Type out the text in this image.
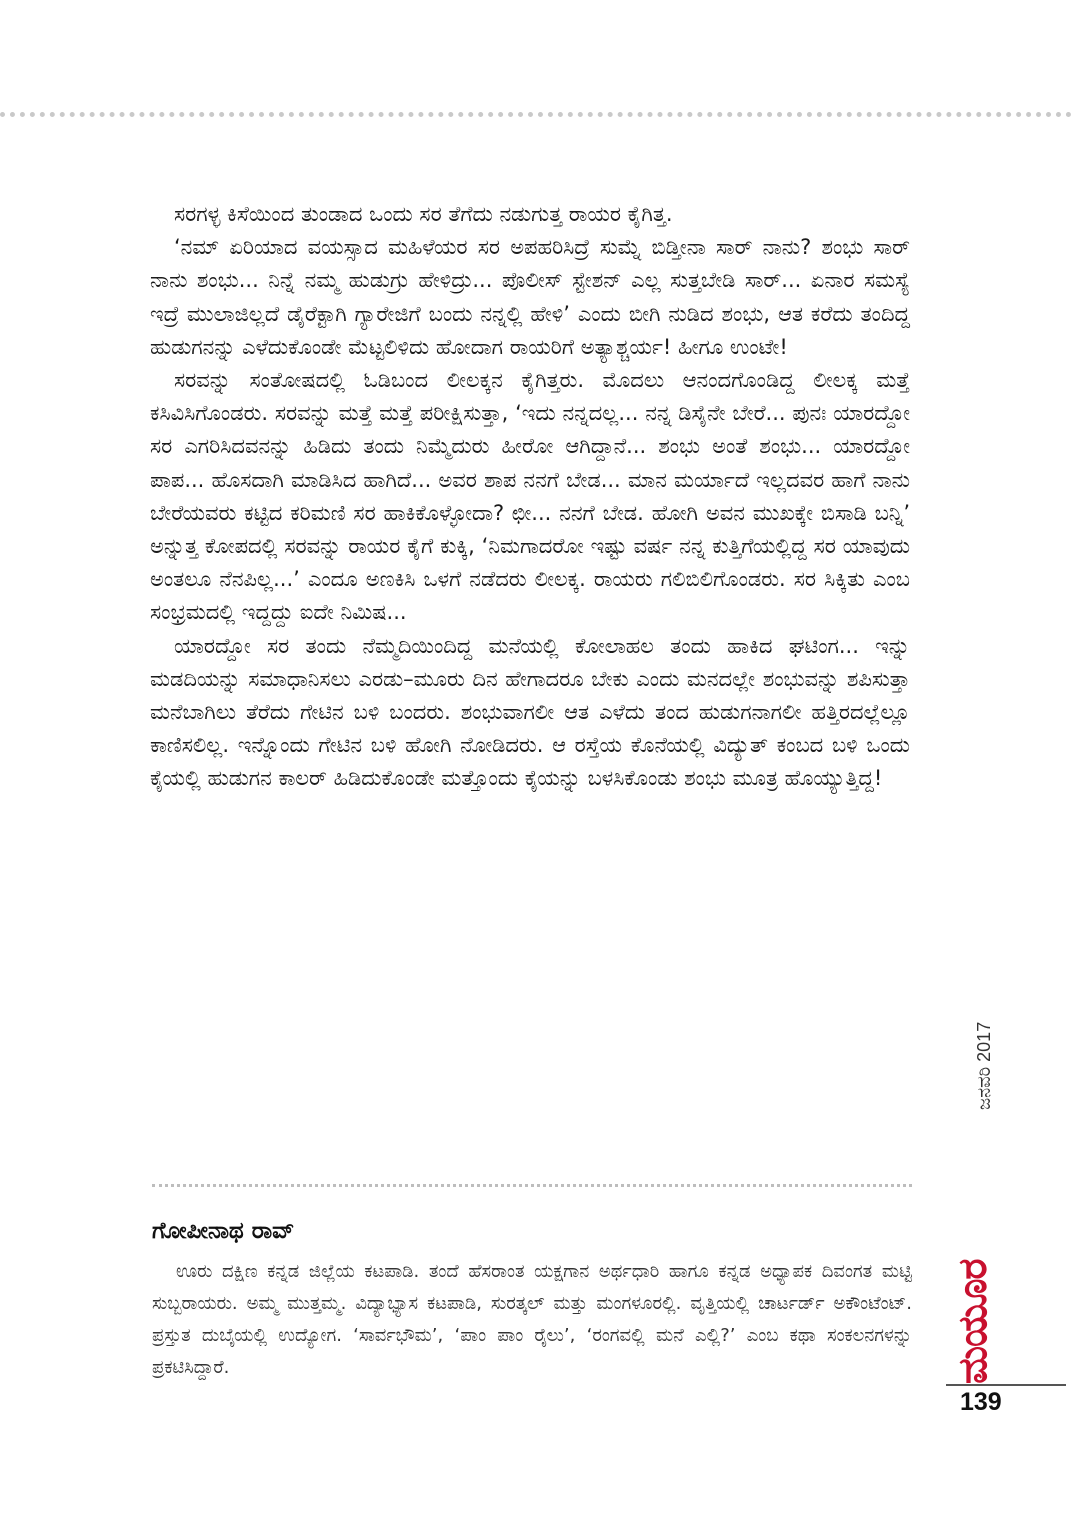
ಸರಗಳ್ಳ ಕಿಸೆಯಿಂದ ತುಂಡಾದ ಒಂದು ಸರ ತೆಗೆದು ನಡುಗುತ್ತ ರಾಯರ ಕೈಗಿತ್ತ.

‘ನಮ್ ಏರಿಯಾದ ವಯಸ್ಸಾದ ಮಹಿಳೆಯರ ಸರ ಅಪಹರಿಸಿದ್ರೆ ಸುಮ್ನೆ ಬಿಡ್ತೀನಾ ಸಾರ್ ನಾನು? ಶಂಭು ಸಾರ್ ನಾನು ಶಂಭು... ನಿನ್ನೆ ನಮ್ಮ ಹುಡುಗ್ರು ಹೇಳಿದ್ರು... ಪೊಲೀಸ್ ಸ್ಟೇಶನ್ ಎಲ್ಲ ಸುತ್ತಬೇಡಿ ಸಾರ್... ಏನಾರ ಸಮಸ್ಯೆ ಇದ್ರೆ ಮುಲಾಜಿಲ್ಲದೆ ಡೈರೆಕ್ಟಾಗಿ ಗ್ಯಾರೇಜಿಗೆ ಬಂದು ನನ್ನಲ್ಲಿ ಹೇಳಿ’ ಎಂದು ಬೀಗಿ ನುಡಿದ ಶಂಭು, ಆತ ಕರೆದು ತಂದಿದ್ದ ಹುಡುಗನನ್ನು ಎಳೆದುಕೊಂಡೇ ಮೆಟ್ಟಲಿಳಿದು ಹೋದಾಗ ರಾಯರಿಗೆ ಅತ್ಯಾಶ್ಚರ್ಯ! ಹೀಗೂ ಉಂಟೇ!

ಸರವನ್ನು ಸಂತೋಷದಲ್ಲಿ ಓಡಿಬಂದ ಲೀಲಕ್ಕನ ಕೈಗಿತ್ತರು. ಮೊದಲು ಆನಂದಗೊಂಡಿದ್ದ ಲೀಲಕ್ಕ ಮತ್ತೆ ಕಸಿವಿಸಿಗೊಂಡರು. ಸರವನ್ನು ಮತ್ತೆ ಮತ್ತೆ ಪರೀಕ್ಷಿಸುತ್ತಾ, ‘ಇದು ನನ್ನದಲ್ಲ... ನನ್ನ ಡಿಸೈನೇ ಬೇರೆ... ಪುನಃ ಯಾರದ್ದೋ ಸರ ಎಗರಿಸಿದವನನ್ನು ಹಿಡಿದು ತಂದು ನಿಮ್ಮೆದುರು ಹೀರೋ ಆಗಿದ್ದಾನೆ... ಶಂಭು ಅಂತೆ ಶಂಭು... ಯಾರದ್ದೋ ಪಾಪ... ಹೊಸದಾಗಿ ಮಾಡಿಸಿದ ಹಾಗಿದೆ... ಅವರ ಶಾಪ ನನಗೆ ಬೇಡ... ಮಾನ ಮರ್ಯಾದೆ ಇಲ್ಲದವರ ಹಾಗೆ ನಾನು ಬೇರೆಯವರು ಕಟ್ಟಿದ ಕರಿಮಣಿ ಸರ ಹಾಕಿಕೊಳ್ಳೋದಾ? ಛೀ... ನನಗೆ ಬೇಡ. ಹೋಗಿ ಅವನ ಮುಖಕ್ಕೇ ಬಿಸಾಡಿ ಬನ್ನಿ’ ಅನ್ನುತ್ತ ಕೋಪದಲ್ಲಿ ಸರವನ್ನು ರಾಯರ ಕೈಗೆ ಕುಕ್ಕಿ, ‘ನಿಮಗಾದರೋ ಇಷ್ಟು ವರ್ಷ ನನ್ನ ಕುತ್ತಿಗೆಯಲ್ಲಿದ್ದ ಸರ ಯಾವುದು ಅಂತಲೂ ನೆನಪಿಲ್ಲ...’ ಎಂದೂ ಅಣಕಿಸಿ ಒಳಗೆ ನಡೆದರು ಲೀಲಕ್ಕ. ರಾಯರು ಗಲಿಬಿಲಿಗೊಂಡರು. ಸರ ಸಿಕ್ಕಿತು ಎಂಬ ಸಂಭ್ರಮದಲ್ಲಿ ಇದ್ದದ್ದು ಐದೇ ನಿಮಿಷ...

ಯಾರದ್ದೋ ಸರ ತಂದು ನೆಮ್ಮದಿಯಿಂದಿದ್ದ ಮನೆಯಲ್ಲಿ ಕೋಲಾಹಲ ತಂದು ಹಾಕಿದ ಘಟಿಂಗ... ಇನ್ನು ಮಡದಿಯನ್ನು ಸಮಾಧಾನಿಸಲು ಎರಡು–ಮೂರು ದಿನ ಹೇಗಾದರೂ ಬೇಕು ಎಂದು ಮನದಲ್ಲೇ ಶಂಭುವನ್ನು ಶಪಿಸುತ್ತಾ ಮನೆಬಾಗಿಲು ತೆರೆದು ಗೇಟಿನ ಬಳಿ ಬಂದರು. ಶಂಭುವಾಗಲೀ ಆತ ಎಳೆದು ತಂದ ಹುಡುಗನಾಗಲೀ ಹತ್ತಿರದಲ್ಲೆಲ್ಲೂ ಕಾಣಿಸಲಿಲ್ಲ. ಇನ್ನೊಂದು ಗೇಟಿನ ಬಳಿ ಹೋಗಿ ನೋಡಿದರು. ಆ ರಸ್ತೆಯ ಕೊನೆಯಲ್ಲಿ ವಿದ್ಯುತ್ ಕಂಬದ ಬಳಿ ಒಂದು ಕೈಯಲ್ಲಿ ಹುಡುಗನ ಕಾಲರ್ ಹಿಡಿದುಕೊಂಡೇ ಮತ್ತೊಂದು ಕೈಯನ್ನು ಬಳಸಿಕೊಂಡು ಶಂಭು ಮೂತ್ರ ಹೊಯ್ಯುತ್ತಿದ್ದ!

ಗೋಪೀನಾಥ ರಾವ್

ಊರು ದಕ್ಷಿಣ ಕನ್ನಡ ಜಿಲ್ಲೆಯ ಕಟಪಾಡಿ. ತಂದೆ ಹೆಸರಾಂತ ಯಕ್ಷಗಾನ ಅರ್ಥಧಾರಿ ಹಾಗೂ ಕನ್ನಡ ಅಧ್ಯಾಪಕ ದಿವಂಗತ ಮಟ್ಟಿ ಸುಬ್ಬರಾಯರು. ಅಮ್ಮ ಮುತ್ತಮ್ಮ. ವಿದ್ಯಾಭ್ಯಾಸ ಕಟಪಾಡಿ, ಸುರತ್ಕಲ್ ಮತ್ತು ಮಂಗಳೂರಲ್ಲಿ. ವೃತ್ತಿಯಲ್ಲಿ ಚಾರ್ಟರ್ಡ್ ಅಕೌಂಟೆಂಟ್. ಪ್ರಸ್ತುತ ದುಬೈಯಲ್ಲಿ ಉದ್ಯೋಗ. ‘ಸಾರ್ವಭೌಮ’, ‘ಪಾಂ ಪಾಂ ರೈಲು’, ‘ರಂಗವಲ್ಲಿ ಮನೆ ಎಲ್ಲಿ?’ ಎಂಬ ಕಥಾ ಸಂಕಲನಗಳನ್ನು ಪ್ರಕಟಿಸಿದ್ದಾರೆ.

ಜನವರಿ 2017
ಮಯೂರ
139
